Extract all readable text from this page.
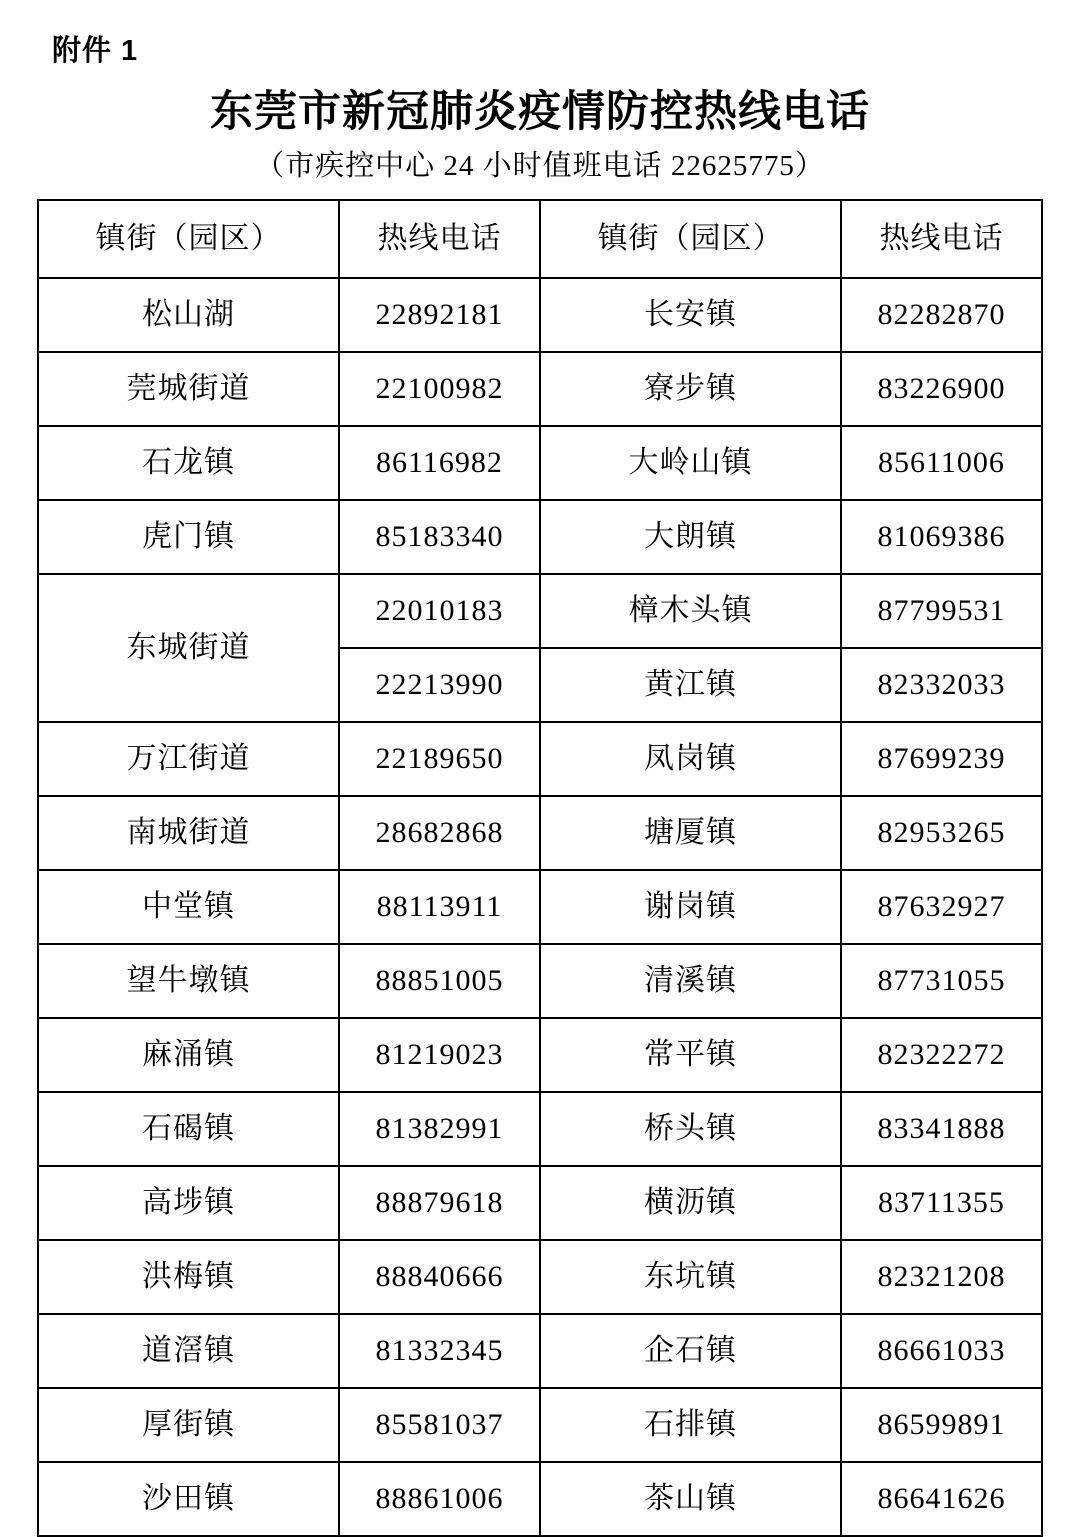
附件 1
东莞市新冠肺炎疫情防控热线电话
（市疾控中心 24 小时值班电话 22625775）
镇街（园区）	热线电话	镇街（园区）	热线电话
松山湖	22892181	长安镇	82282870
莞城街道	22100982	寮步镇	83226900
石龙镇	86116982	大岭山镇	85611006
虎门镇	85183340	大朗镇	81069386
东城街道	22010183	樟木头镇	87799531
	22213990	黄江镇	82332033
万江街道	22189650	凤岗镇	87699239
南城街道	28682868	塘厦镇	82953265
中堂镇	88113911	谢岗镇	87632927
望牛墩镇	88851005	清溪镇	87731055
麻涌镇	81219023	常平镇	82322272
石碣镇	81382991	桥头镇	83341888
高埗镇	88879618	横沥镇	83711355
洪梅镇	88840666	东坑镇	82321208
道滘镇	81332345	企石镇	86661033
厚街镇	85581037	石排镇	86599891
沙田镇	88861006	茶山镇	86641626
